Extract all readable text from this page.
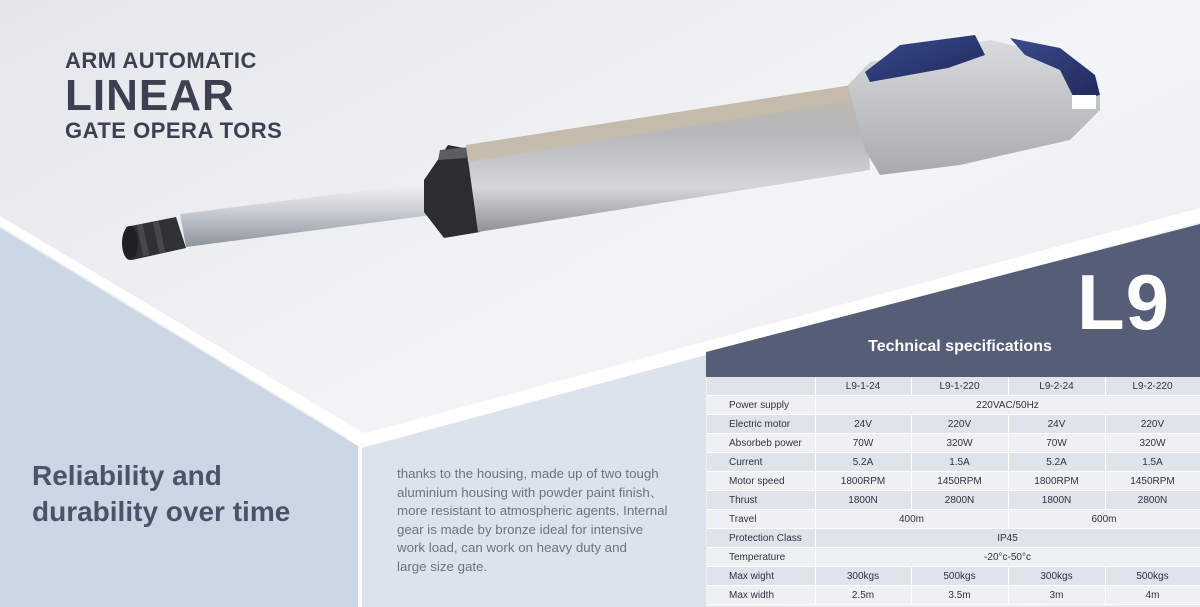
ARM AUTOMATIC
LINEAR
GATE OPERA TORS
Reliability and
durability over time
thanks to the housing, made up of two tough
aluminium housing with powder paint finish、
more resistant to atmospheric agents. Internal
gear is made by bronze ideal for intensive
work load, can work on heavy duty and
large size gate.
L9
Technical specifications
	L9-1-24	L9-1-220	L9-2-24	L9-2-220
Power supply	220VAC/50Hz			
Electric motor	24V	220V	24V	220V
Absorbeb power	70W	320W	70W	320W
Current	5.2A	1.5A	5.2A	1.5A
Motor speed	1800RPM	1450RPM	1800RPM	1450RPM
Thrust	1800N	2800N	1800N	2800N
Travel	400m		600m	
Protection Class	IP45			
Temperature	-20°c-50°c			
Max wight	300kgs	500kgs	300kgs	500kgs
Max width	2.5m	3.5m	3m	4m
